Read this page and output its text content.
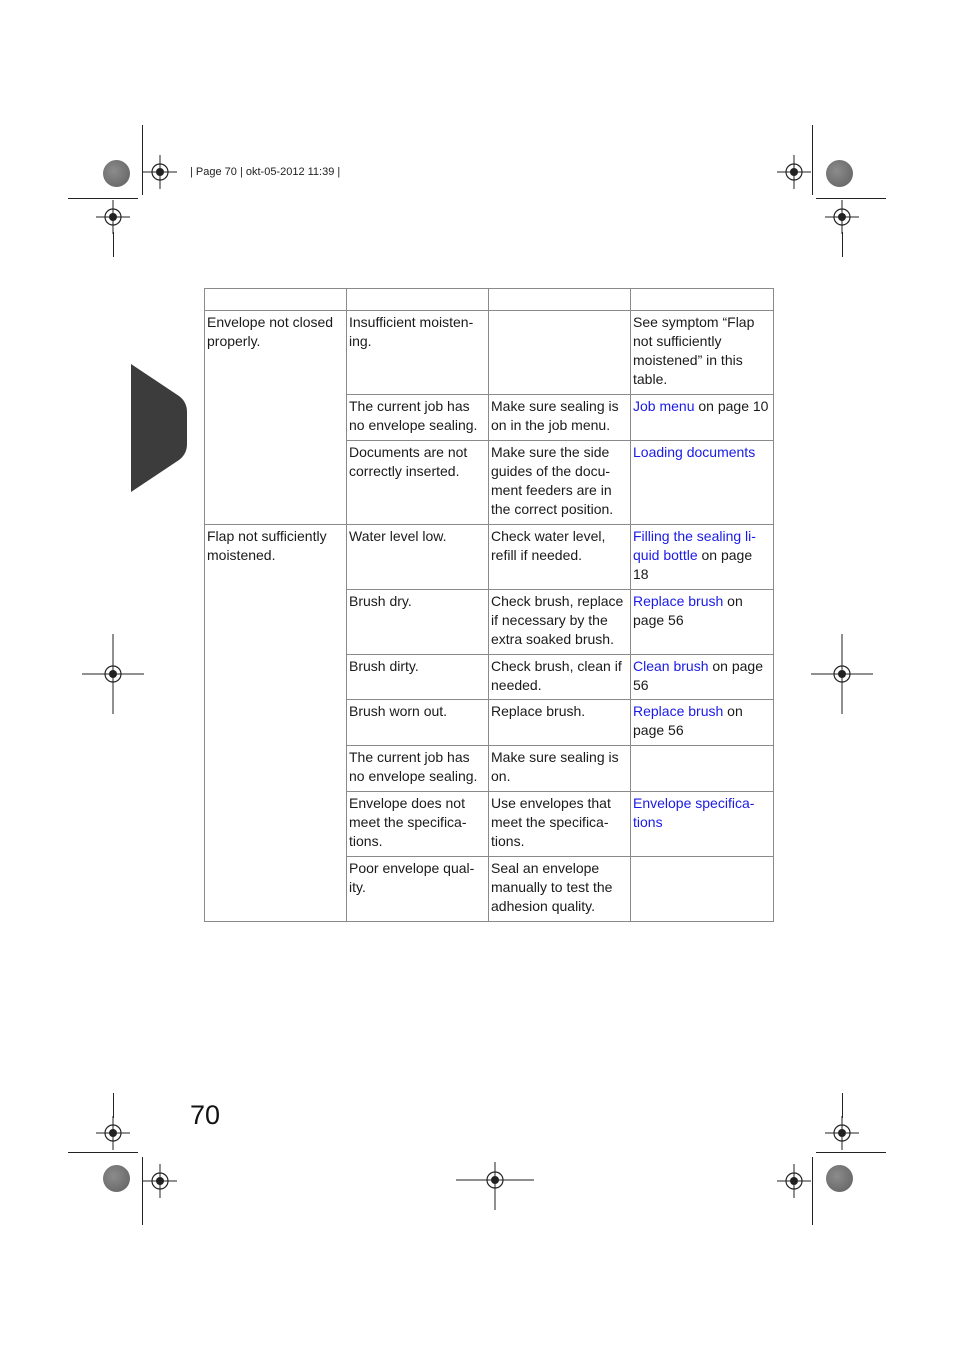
| Page 70 | okt-05-2012 11:39 |

Envelope not closed properly.	Insufficient moisten-ing.		See symptom “Flap not sufficiently moistened” in this table.
	The current job has no envelope sealing.	Make sure sealing is on in the job menu.	Job menu on page 10
	Documents are not correctly inserted.	Make sure the side guides of the docu-ment feeders are in the correct position.	Loading documents
Flap not sufficiently moistened.	Water level low.	Check water level, refill if needed.	Filling the sealing li-quid bottle on page 18
	Brush dry.	Check brush, replace if necessary by the extra soaked brush.	Replace brush on page 56
	Brush dirty.	Check brush, clean if needed.	Clean brush on page 56
	Brush worn out.	Replace brush.	Replace brush on page 56
	The current job has no envelope sealing.	Make sure sealing is on.	
	Envelope does not meet the specifica-tions.	Use envelopes that meet the specifica-tions.	Envelope specifica-tions
	Poor envelope qual-ity.	Seal an envelope manually to test the adhesion quality.	
70
